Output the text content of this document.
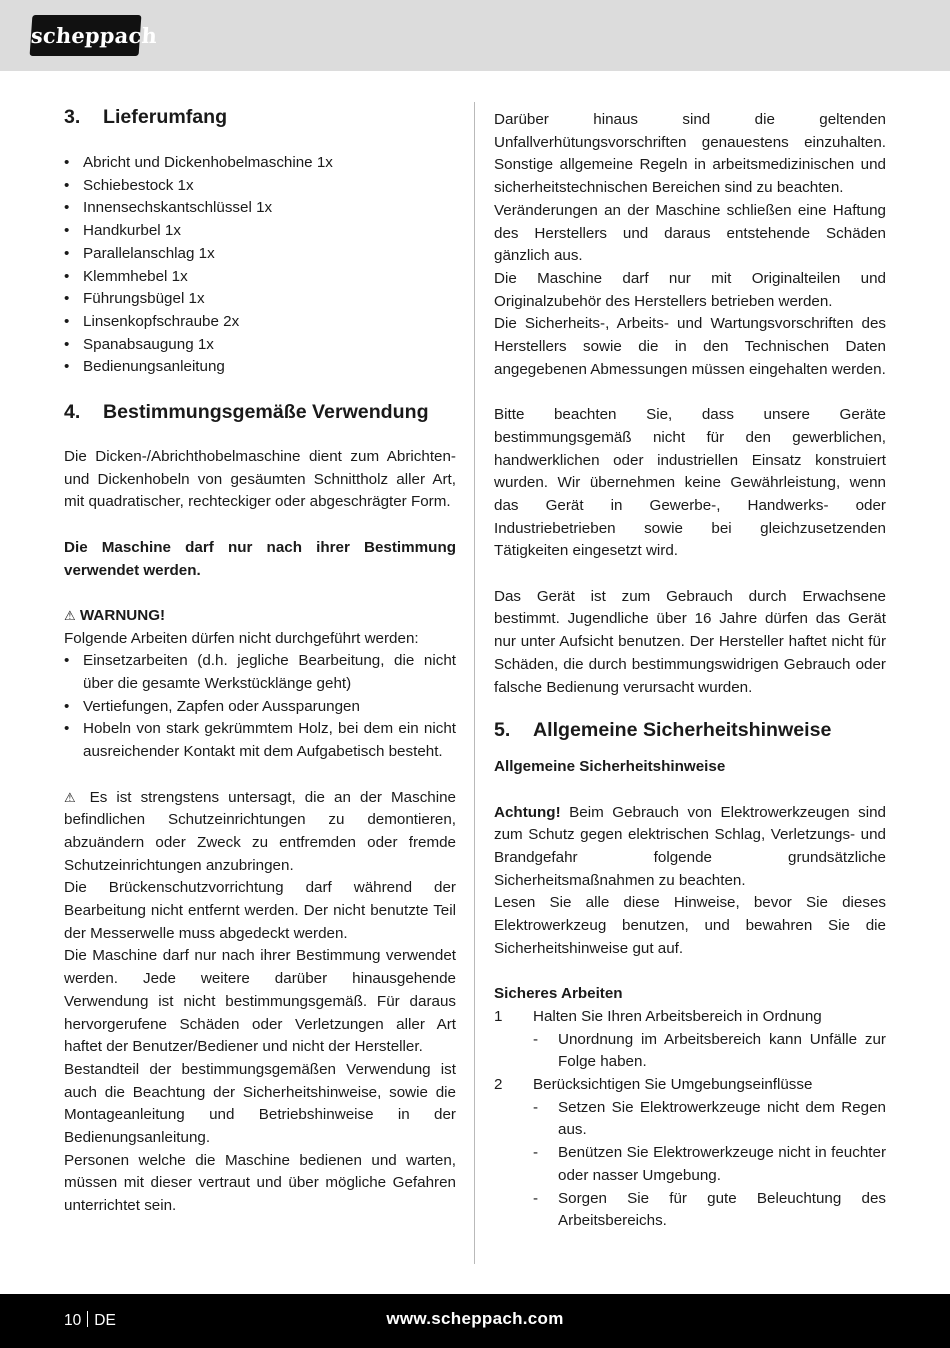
scheppach
3.	Lieferumfang
• Abricht und Dickenhobelmaschine 1x
• Schiebestock 1x
• Innensechskantschlüssel 1x
• Handkurbel 1x
• Parallelanschlag 1x
• Klemmhebel 1x
• Führungsbügel 1x
• Linsenkopfschraube 2x
• Spanabsaugung 1x
• Bedienungsanleitung
4.	Bestimmungsgemäße Verwendung

Die Dicken-/Abrichthobelmaschine dient zum Abrichten- und Dickenhobeln von gesäumten Schnittholz aller Art, mit quadratischer, rechteckiger oder abgeschrägter Form.

Die Maschine darf nur nach ihrer Bestimmung verwendet werden.

⚠ WARNUNG!

Folgende Arbeiten dürfen nicht durchgeführt werden:

• Einsetzarbeiten (d.h. jegliche Bearbeitung, die nicht über die gesamte Werkstücklänge geht)
• Vertiefungen, Zapfen oder Aussparungen
• Hobeln von stark gekrümmtem Holz, bei dem ein nicht ausreichender Kontakt mit dem Aufgabetisch besteht.

⚠ Es ist strengstens untersagt, die an der Maschine befindlichen Schutzeinrichtungen zu demontieren, abzuändern oder Zweck zu entfremden oder fremde Schutzeinrichtungen anzubringen.

Die Brückenschutzvorrichtung darf während der Bearbeitung nicht entfernt werden. Der nicht benutzte Teil der Messerwelle muss abgedeckt werden.

Die Maschine darf nur nach ihrer Bestimmung verwendet werden. Jede weitere darüber hinausgehende Verwendung ist nicht bestimmungsgemäß. Für daraus hervorgerufene Schäden oder Verletzungen aller Art haftet der Benutzer/Bediener und nicht der Hersteller.

Bestandteil der bestimmungsgemäßen Verwendung ist auch die Beachtung der Sicherheitshinweise, sowie die Montageanleitung und Betriebshinweise in der Bedienungsanleitung.

Personen welche die Maschine bedienen und warten, müssen mit dieser vertraut und über mögliche Gefahren unterrichtet sein.

Darüber hinaus sind die geltenden Unfallverhütungsvorschriften genauestens einzuhalten. Sonstige allgemeine Regeln in arbeitsmedizinischen und sicherheitstechnischen Bereichen sind zu beachten.

Veränderungen an der Maschine schließen eine Haftung des Herstellers und daraus entstehende Schäden gänzlich aus.

Die Maschine darf nur mit Originalteilen und Originalzubehör des Herstellers betrieben werden.

Die Sicherheits-, Arbeits- und Wartungsvorschriften des Herstellers sowie die in den Technischen Daten angegebenen Abmessungen müssen eingehalten werden.

Bitte beachten Sie, dass unsere Geräte bestimmungsgemäß nicht für den gewerblichen, handwerklichen oder industriellen Einsatz konstruiert wurden. Wir übernehmen keine Gewährleistung, wenn das Gerät in Gewerbe-, Handwerks- oder Industriebetrieben sowie bei gleichzusetzenden Tätigkeiten eingesetzt wird.

Das Gerät ist zum Gebrauch durch Erwachsene bestimmt. Jugendliche über 16 Jahre dürfen das Gerät nur unter Aufsicht benutzen. Der Hersteller haftet nicht für Schäden, die durch bestimmungswidrigen Gebrauch oder falsche Bedienung verursacht wurden.

5.	Allgemeine Sicherheitshinweise

Allgemeine Sicherheitshinweise

Achtung! Beim Gebrauch von Elektrowerkzeugen sind zum Schutz gegen elektrischen Schlag, Verletzungs- und Brandgefahr folgende grundsätzliche Sicherheitsmaßnahmen zu beachten.

Lesen Sie alle diese Hinweise, bevor Sie dieses Elektrowerkzeug benutzen, und bewahren Sie die Sicherheitshinweise gut auf.

Sicheres Arbeiten

1	Halten Sie Ihren Arbeitsbereich in Ordnung
-	Unordnung im Arbeitsbereich kann Unfälle zur Folge haben.
2	Berücksichtigen Sie Umgebungseinflüsse
-	Setzen Sie Elektrowerkzeuge nicht dem Regen aus.
-	Benützen Sie Elektrowerkzeuge nicht in feuchter oder nasser Umgebung.
-	Sorgen Sie für gute Beleuchtung des Arbeitsbereichs.
10 DE	www.scheppach.com
